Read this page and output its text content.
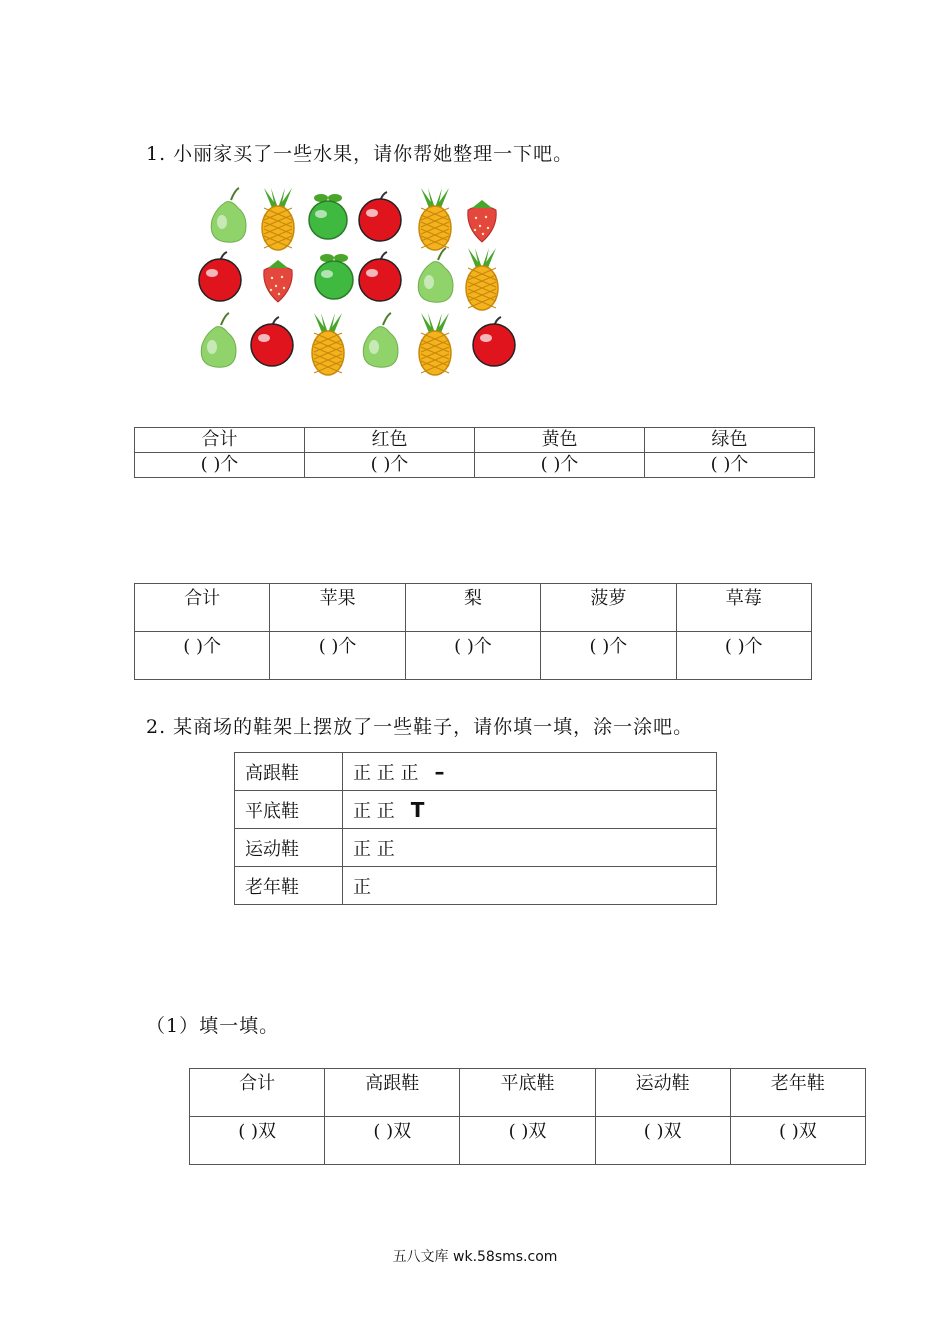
1. 小丽家买了一些水果，请你帮她整理一下吧。
合计	红色	黄色	绿色
( )个	( )个	( )个	( )个
合计	苹果	梨	菠萝	草莓
( )个	( )个	( )个	( )个	( )个
2. 某商场的鞋架上摆放了一些鞋子，请你填一填，涂一涂吧。
高跟鞋	正 正 正 –
平底鞋	正 正 T
运动鞋	正 正
老年鞋	正
（1）填一填。
合计	高跟鞋	平底鞋	运动鞋	老年鞋
( )双	( )双	( )双	( )双	( )双
五八文库 wk.58sms.com
